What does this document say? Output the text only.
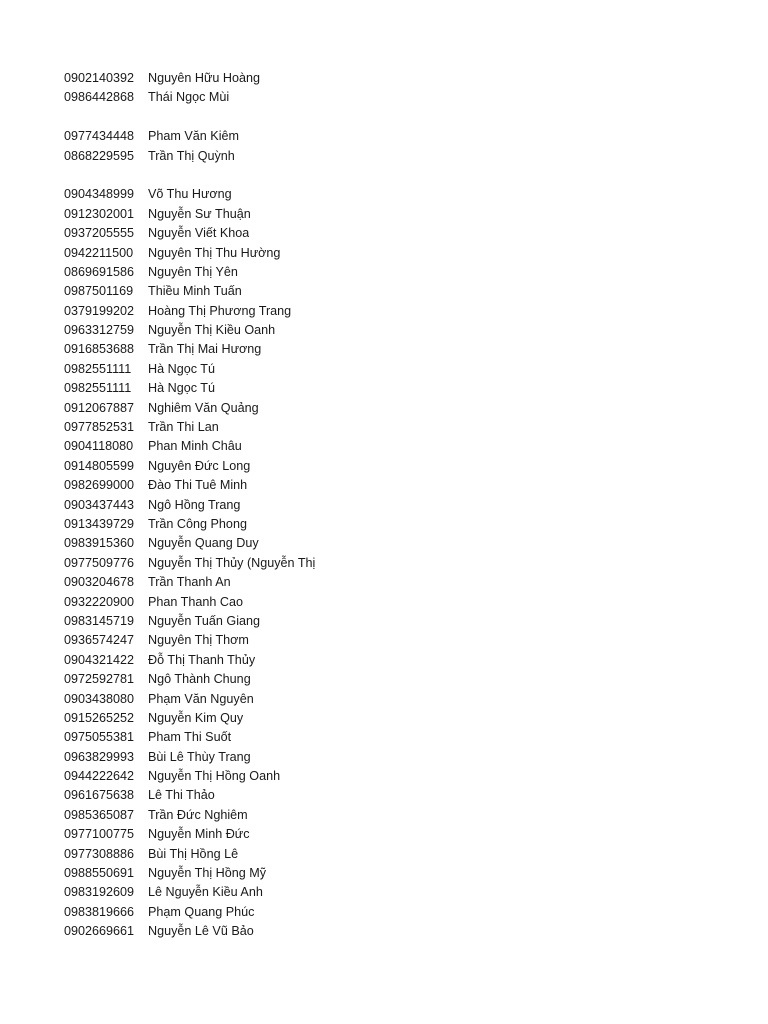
0902140392	Nguyên Hữu Hoàng
0986442868	Thái Ngọc Mùi
0977434448	Pham Văn Kiêm
0868229595	Trần Thị Quỳnh
0904348999	Võ Thu Hương
0912302001	Nguyễn Sư Thuận
0937205555	Nguyễn Viết Khoa
0942211500	Nguyên Thị Thu Hường
0869691586	Nguyên Thị Yên
0987501169	Thiều Minh Tuấn
0379199202	Hoàng Thị Phương Trang
0963312759	Nguyễn Thị Kiều Oanh
0916853688	Trần Thị Mai Hương
0982551111	Hà Ngọc Tú
0982551111	Hà Ngọc Tú
0912067887	Nghiêm Văn Quảng
0977852531	Trần Thi Lan
0904118080	Phan Minh Châu
0914805599	Nguyên Đức Long
0982699000	Đào Thi Tuê Minh
0903437443	Ngô Hồng Trang
0913439729	Trần Công Phong
0983915360	Nguyễn Quang Duy
0977509776	Nguyễn Thị Thủy (Nguyễn Thị
0903204678	Trần Thanh An
0932220900	Phan Thanh Cao
0983145719	Nguyễn Tuấn Giang
0936574247	Nguyên Thị Thơm
0904321422	Đỗ Thị Thanh Thủy
0972592781	Ngô Thành Chung
0903438080	Phạm Văn Nguyên
0915265252	Nguyễn Kim Quy
0975055381	Pham Thi Suốt
0963829993	Bùi Lê Thùy Trang
0944222642	Nguyễn Thị Hồng Oanh
0961675638	Lê Thi Thảo
0985365087	Trần Đức Nghiêm
0977100775	Nguyễn Minh Đức
0977308886	Bùi Thị Hồng Lê
0988550691	Nguyễn Thị Hồng Mỹ
0983192609	Lê Nguyễn Kiều Anh
0983819666	Phạm Quang Phúc
0902669661	Nguyễn Lê Vũ Bảo
